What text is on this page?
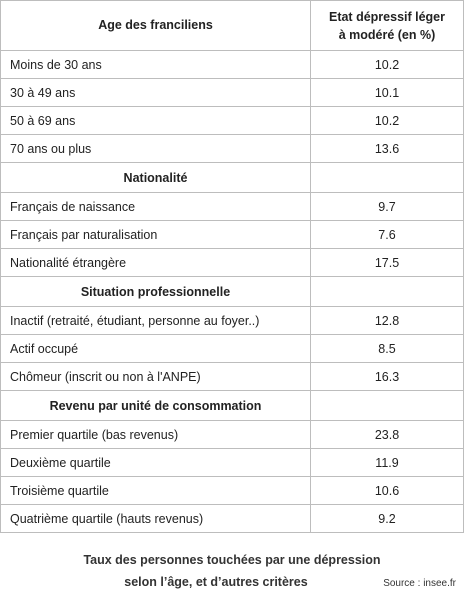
Age des franciliens	Etat dépressif léger
à modéré (en %)
Moins de 30 ans	10.2
30 à 49 ans	10.1
50 à 69 ans	10.2
70 ans ou plus	13.6
Nationalité	
Français de naissance	9.7
Français par naturalisation	7.6
Nationalité étrangère	17.5
Situation professionnelle	
Inactif (retraité, étudiant, personne au foyer..)	12.8
Actif occupé	8.5
Chômeur (inscrit ou non à l'ANPE)	16.3
Revenu par unité de consommation	
Premier quartile (bas revenus)	23.8
Deuxième quartile	11.9
Troisième quartile	10.6
Quatrième quartile (hauts revenus)	9.2
Taux des personnes touchées par une dépression
selon l’âge, et d’autres critères	Source : insee.fr
